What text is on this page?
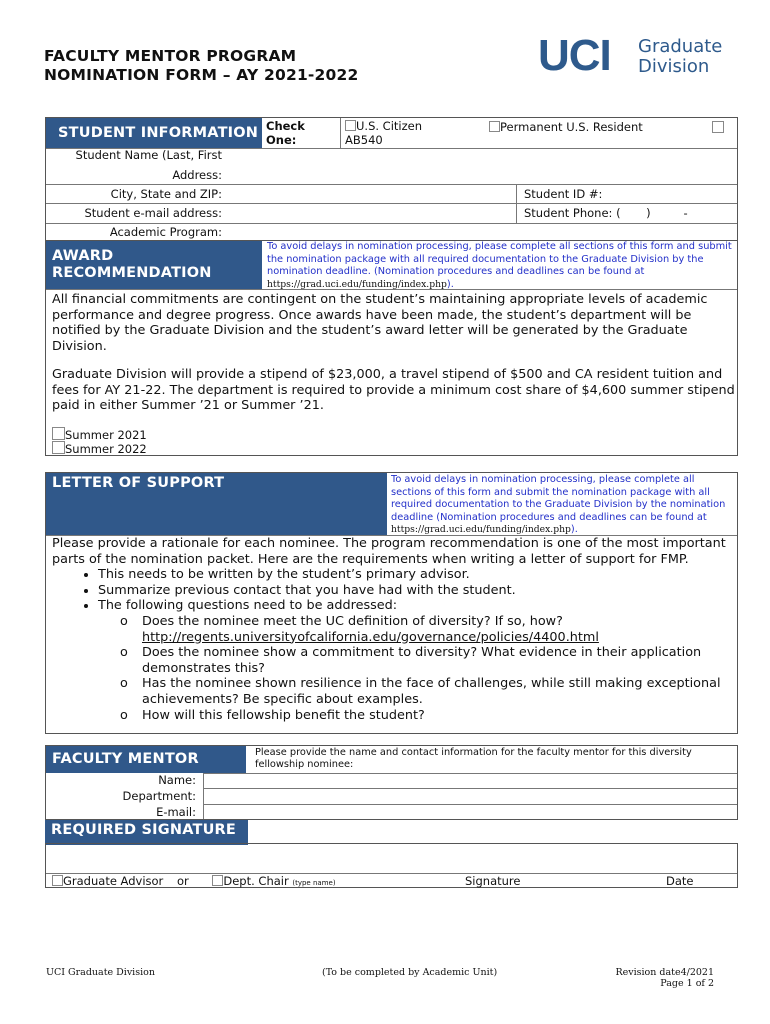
FACULTY MENTOR PROGRAM
NOMINATION FORM – AY 2021-2022	UCI Graduate
Division
STUDENT INFORMATION Check One:
U.S. Citizen
AB540
Permanent U.S. Resident
Student Name (Last, First
Address:
City, State and ZIP:	Student ID #:
Student e-mail address:	Student Phone: (       )         -
Academic Program:
AWARD
RECOMMENDATION
To avoid delays in nomination processing, please complete all sections of this form and submit the nomination package with all required documentation to the Graduate Division by the nomination deadline. (Nomination procedures and deadlines can be found at https://grad.uci.edu/funding/index.php).
All financial commitments are contingent on the student’s maintaining appropriate levels of academic performance and degree progress. Once awards have been made, the student’s department will be notified by the Graduate Division and the student’s award letter will be generated by the Graduate Division.
Graduate Division will provide a stipend of $23,000, a travel stipend of $500 and CA resident tuition and fees for AY 21-22. The department is required to provide a minimum cost share of $4,600 summer stipend paid in either Summer ’21 or Summer ’21.
Summer 2021
Summer 2022
LETTER OF SUPPORT	To avoid delays in nomination processing, please complete all sections of this form and submit the nomination package with all required documentation to the Graduate Division by the nomination deadline (Nomination procedures and deadlines can be found at https://grad.uci.edu/funding/index.php).
Please provide a rationale for each nominee. The program recommendation is one of the most important parts of the nomination packet. Here are the requirements when writing a letter of support for FMP.
• This needs to be written by the student’s primary advisor.
• Summarize previous contact that you have had with the student.
• The following questions need to be addressed:
o Does the nominee meet the UC definition of diversity? If so, how?
http://regents.universityofcalifornia.edu/governance/policies/4400.html
o Does the nominee show a commitment to diversity? What evidence in their application demonstrates this?
o Has the nominee shown resilience in the face of challenges, while still making exceptional achievements? Be specific about examples.
o How will this fellowship benefit the student?
FACULTY MENTOR	Please provide the name and contact information for the faculty mentor for this diversity fellowship nominee:
Name:
Department:
E-mail:
REQUIRED SIGNATURE
Graduate Advisor or	Dept. Chair (type name)	Signature	Date
UCI Graduate Division	(To be completed by Academic Unit)	Revision date4/2021
Page 1 of 2
